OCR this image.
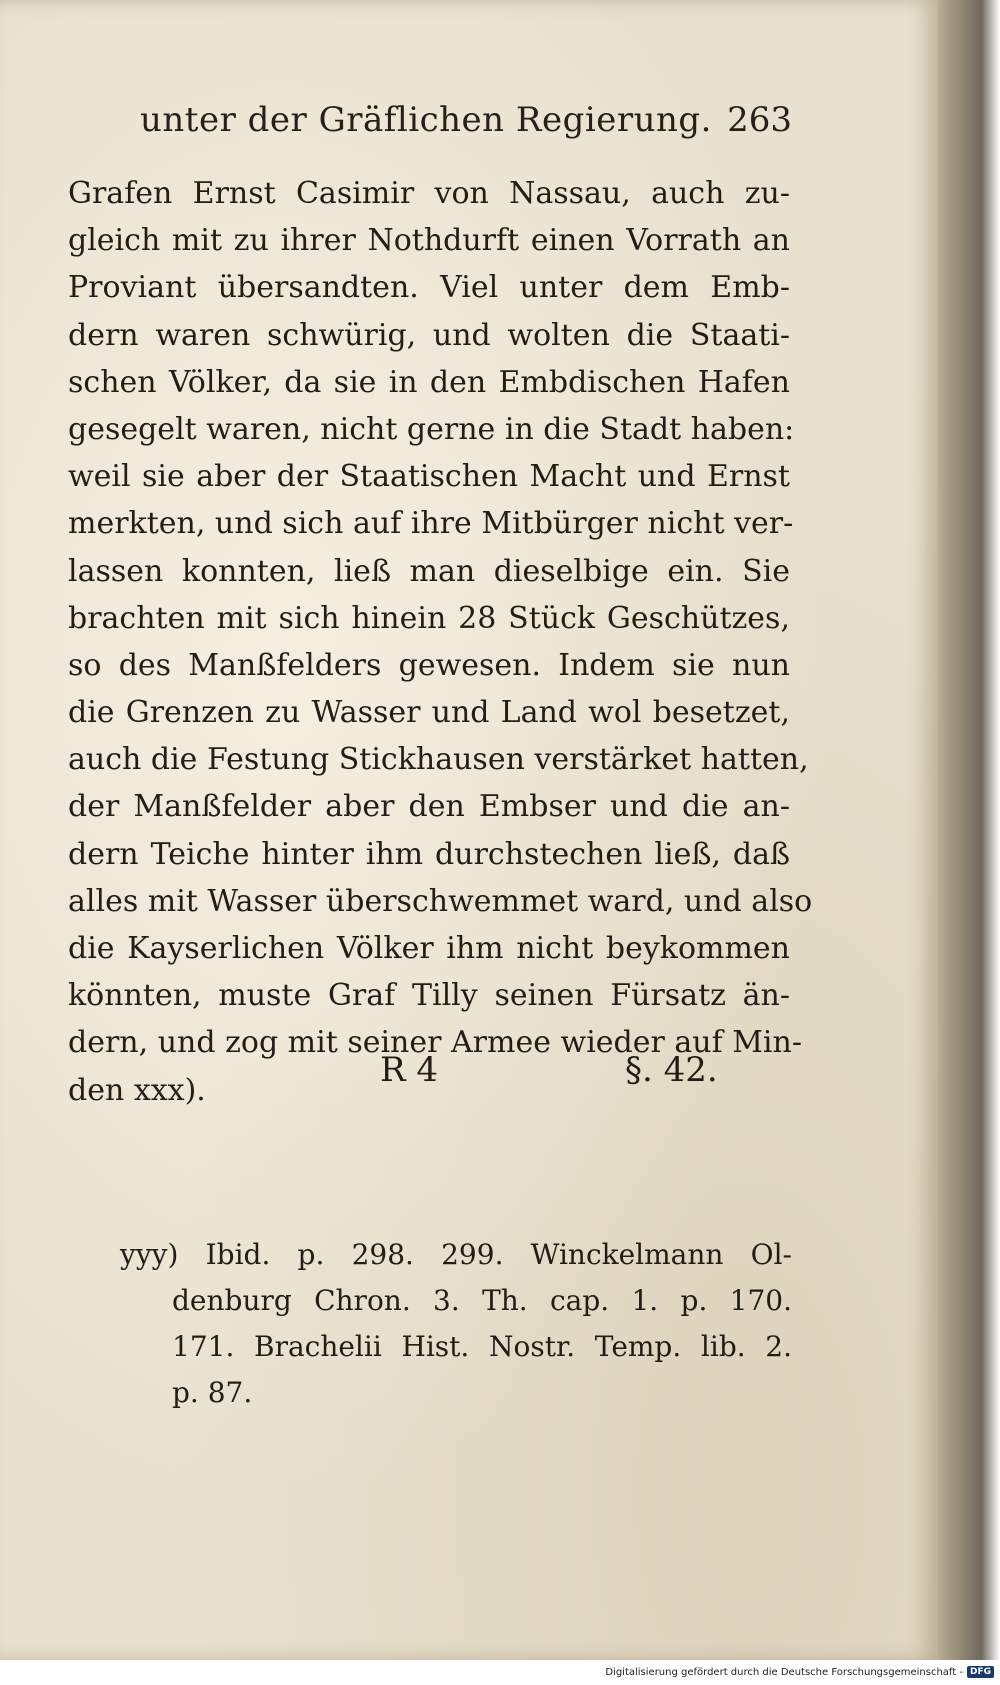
unter der Gräflichen Regierung. 263
Grafen Ernst Casimir von Nassau, auch zu-
gleich mit zu ihrer Nothdurft einen Vorrath an
Proviant übersandten. Viel unter dem Emb-
dern waren schwürig, und wolten die Staati-
schen Völker, da sie in den Embdischen Hafen
gesegelt waren, nicht gerne in die Stadt haben:
weil sie aber der Staatischen Macht und Ernst
merkten, und sich auf ihre Mitbürger nicht ver-
lassen konnten, ließ man dieselbige ein. Sie
brachten mit sich hinein 28 Stück Geschützes,
so des Manßfelders gewesen. Indem sie nun
die Grenzen zu Wasser und Land wol besetzet,
auch die Festung Stickhausen verstärket hatten,
der Manßfelder aber den Embser und die an-
dern Teiche hinter ihm durchstechen ließ, daß
alles mit Wasser überschwemmet ward, und also
die Kayserlichen Völker ihm nicht beykommen
könnten, muste Graf Tilly seinen Fürsatz än-
dern, und zog mit seiner Armee wieder auf Min-
den xxx).
R 4	§. 42.
yyy) Ibid. p. 298. 299. Winckelmann Ol-
denburg Chron. 3. Th. cap. 1. p. 170.
171. Brachelii Hist. Nostr. Temp. lib. 2.
p. 87.
Digitalisierung gefördert durch die Deutsche Forschungsgemeinschaft - DFG
